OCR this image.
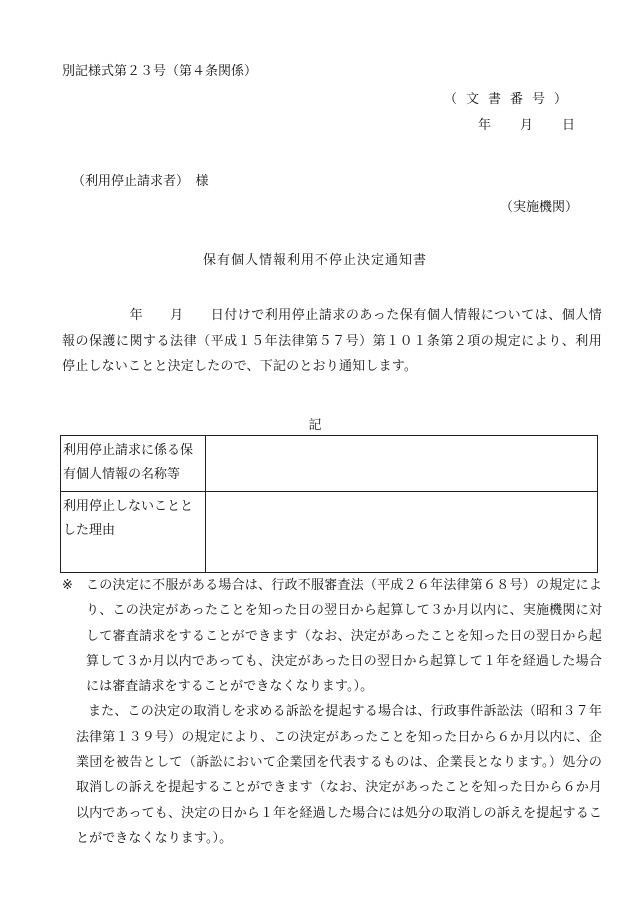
別記様式第２３号（第４条関係）
（文書番号）
年　　月　　日
（利用停止請求者）　様
（実施機関）
保有個人情報利用不停止決定通知書
　　　　　年　　月　　日付けで利用停止請求のあった保有個人情報については、個人情報の保護に関する法律（平成１５年法律第５７号）第１０１条第２項の規定により、利用停止しないことと決定したので、下記のとおり通知します。
記
利用停止請求に係る保有個人情報の名称等	
利用停止しないこととした理由	
※	この決定に不服がある場合は、行政不服審査法（平成２６年法律第６８号）の規定により、この決定があったことを知った日の翌日から起算して３か月以内に、実施機関に対して審査請求をすることができます（なお、決定があったことを知った日の翌日から起算して３か月以内であっても、決定があった日の翌日から起算して１年を経過した場合には審査請求をすることができなくなります。）。
また、この決定の取消しを求める訴訟を提起する場合は、行政事件訴訟法（昭和３７年法律第１３９号）の規定により、この決定があったことを知った日から６か月以内に、企業団を被告として（訴訟において企業団を代表するものは、企業長となります。）処分の取消しの訴えを提起することができます（なお、決定があったことを知った日から６か月以内であっても、決定の日から１年を経過した場合には処分の取消しの訴えを提起することができなくなります。）。
